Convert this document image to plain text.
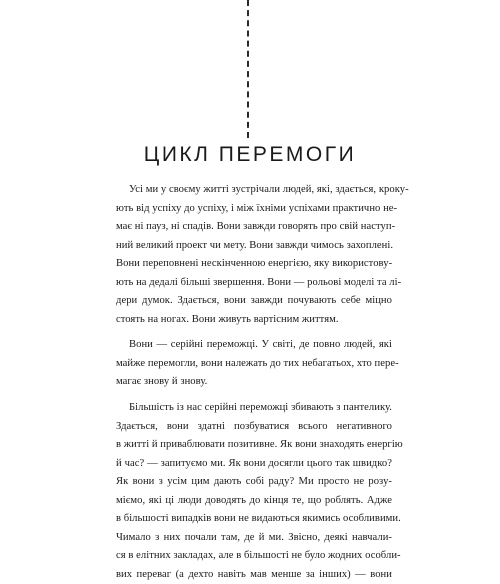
ЦИКЛ ПЕРЕМОГИ
Усі ми у своєму житті зустрічали людей, які, здається, кроку-
ють від успіху до успіху, і між їхніми успіхами практично не-
має ні пауз, ні спадів. Вони завжди говорять про свій наступ-
ний великий проект чи мету. Вони завжди чимось захоплені.
Вони переповнені нескінченною енергією, яку використову-
ють на дедалі більші звершення. Вони — рольові моделі та лі-
дери думок. Здається, вони завжди почувають себе міцно
стоять на ногах. Вони живуть вартісним життям.
Вони — серійні переможці. У світі, де повно людей, які
майже перемогли, вони належать до тих небагатьох, хто пере-
магає знову й знову.
Більшість із нас серійні переможці збивають з пантелику.
Здається, вони здатні позбуватися всього негативного
в житті й приваблювати позитивне. Як вони знаходять енергію
й час? — запитуємо ми. Як вони досягли цього так швидко?
Як вони з усім цим дають собі раду? Ми просто не розу-
міємо, які ці люди доводять до кінця те, що роблять. Адже
в більшості випадків вони не видаються якимись особливими.
Чимало з них почали там, де й ми. Звісно, деякі навчали-
ся в елітних закладах, але в більшості не було жодних особли-
вих переваг (а дехто навіть мав менше за інших) — вони
